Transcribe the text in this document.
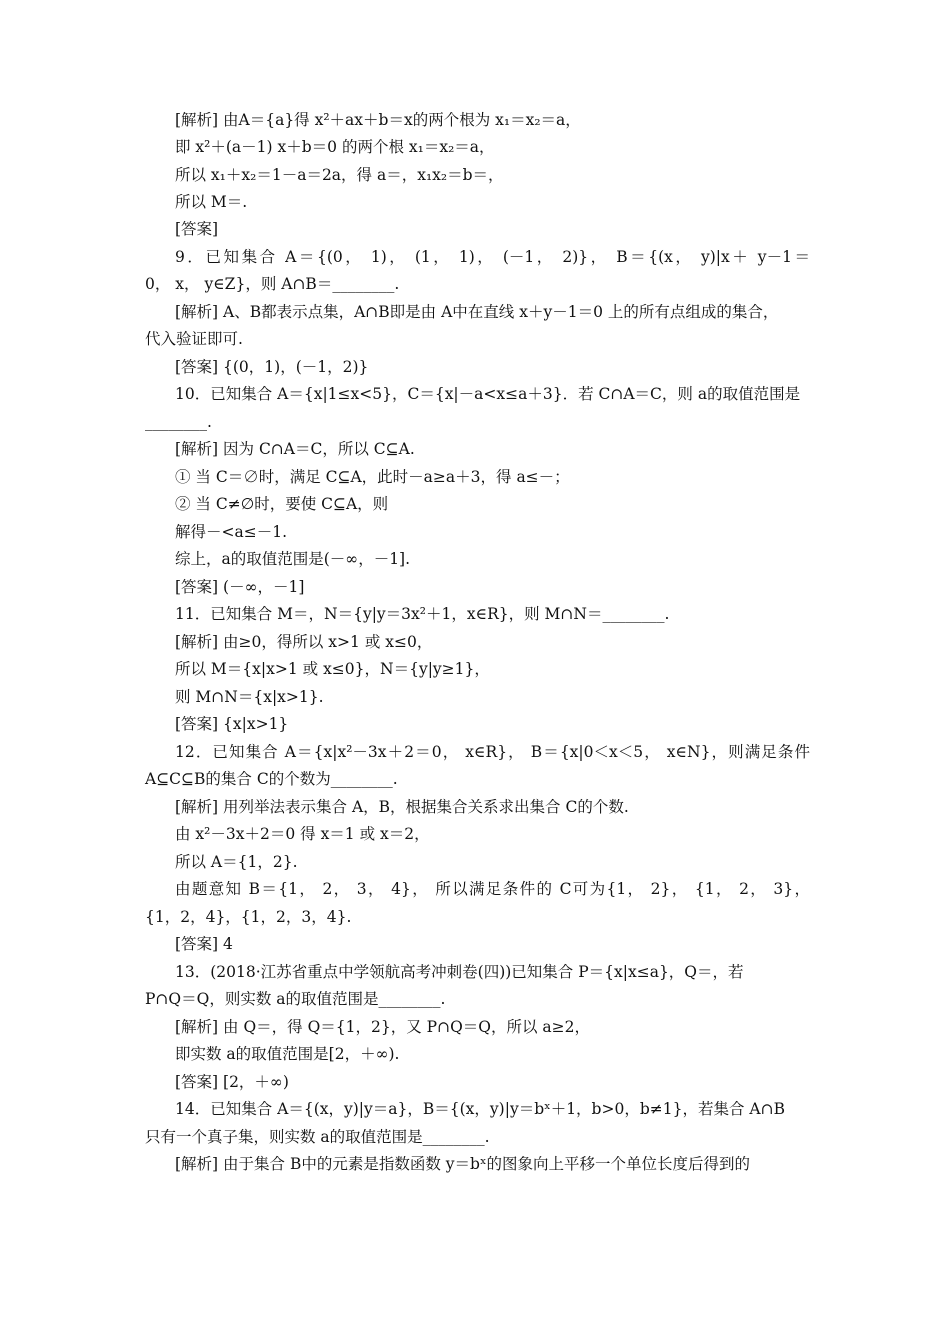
[解析] 由A＝{a}得 x²＋ax＋b＝x的两个根为 x₁＝x₂＝a，
即 x²＋(a－1) x＋b＝0 的两个根 x₁＝x₂＝a，
所以 x₁＋x₂＝1－a＝2a，得 a＝，x₁x₂＝b＝，
所以 M＝.
[答案]
9．已知集合 A＝{(0， 1)， (1， 1)， (－1， 2)}， B＝{(x， y)|x＋ y－1＝
0， x， y∈Z}，则 A∩B＝________.
[解析] A、B都表示点集，A∩B即是由 A中在直线 x＋y－1＝0 上的所有点组成的集合，
代入验证即可.
[答案] {(0，1)，(－1，2)}
10．已知集合 A＝{x|1≤x<5}，C＝{x|－a<x≤a＋3}．若 C∩A＝C，则 a的取值范围是
________.
[解析] 因为 C∩A＝C，所以 C⊆A.
① 当 C＝∅时，满足 C⊆A，此时－a≥a＋3，得 a≤－；
② 当 C≠∅时，要使 C⊆A，则
解得－<a≤－1.
综上，a的取值范围是(－∞，－1].
[答案] (－∞，－1]
11．已知集合 M＝，N＝{y|y＝3x²＋1，x∈R}，则 M∩N＝________.
[解析] 由≥0，得所以 x>1 或 x≤0，
所以 M＝{x|x>1 或 x≤0}，N＝{y|y≥1}，
则 M∩N＝{x|x>1}.
[答案] {x|x>1}
12．已知集合 A＝{x|x²－3x＋2＝0， x∈R}， B＝{x|0＜x＜5， x∈N}，则满足条件
A⊆C⊆B的集合 C的个数为________.
[解析] 用列举法表示集合 A，B，根据集合关系求出集合 C的个数.
由 x²－3x＋2＝0 得 x＝1 或 x＝2，
所以 A＝{1，2}.
由题意知 B＝{1， 2， 3， 4}， 所以满足条件的 C可为{1， 2}， {1， 2， 3}，
{1，2，4}，{1，2，3，4}.
[答案] 4
13．(2018·江苏省重点中学领航高考冲刺卷(四))已知集合 P＝{x|x≤a}，Q＝，若
P∩Q＝Q，则实数 a的取值范围是________.
[解析] 由 Q＝，得 Q＝{1，2}，又 P∩Q＝Q，所以 a≥2，
即实数 a的取值范围是[2，＋∞).
[答案] [2，＋∞)
14．已知集合 A＝{(x，y)|y＝a}，B＝{(x，y)|y＝bˣ＋1，b>0，b≠1}，若集合 A∩B
只有一个真子集，则实数 a的取值范围是________.
[解析] 由于集合 B中的元素是指数函数 y＝bˣ的图象向上平移一个单位长度后得到的
